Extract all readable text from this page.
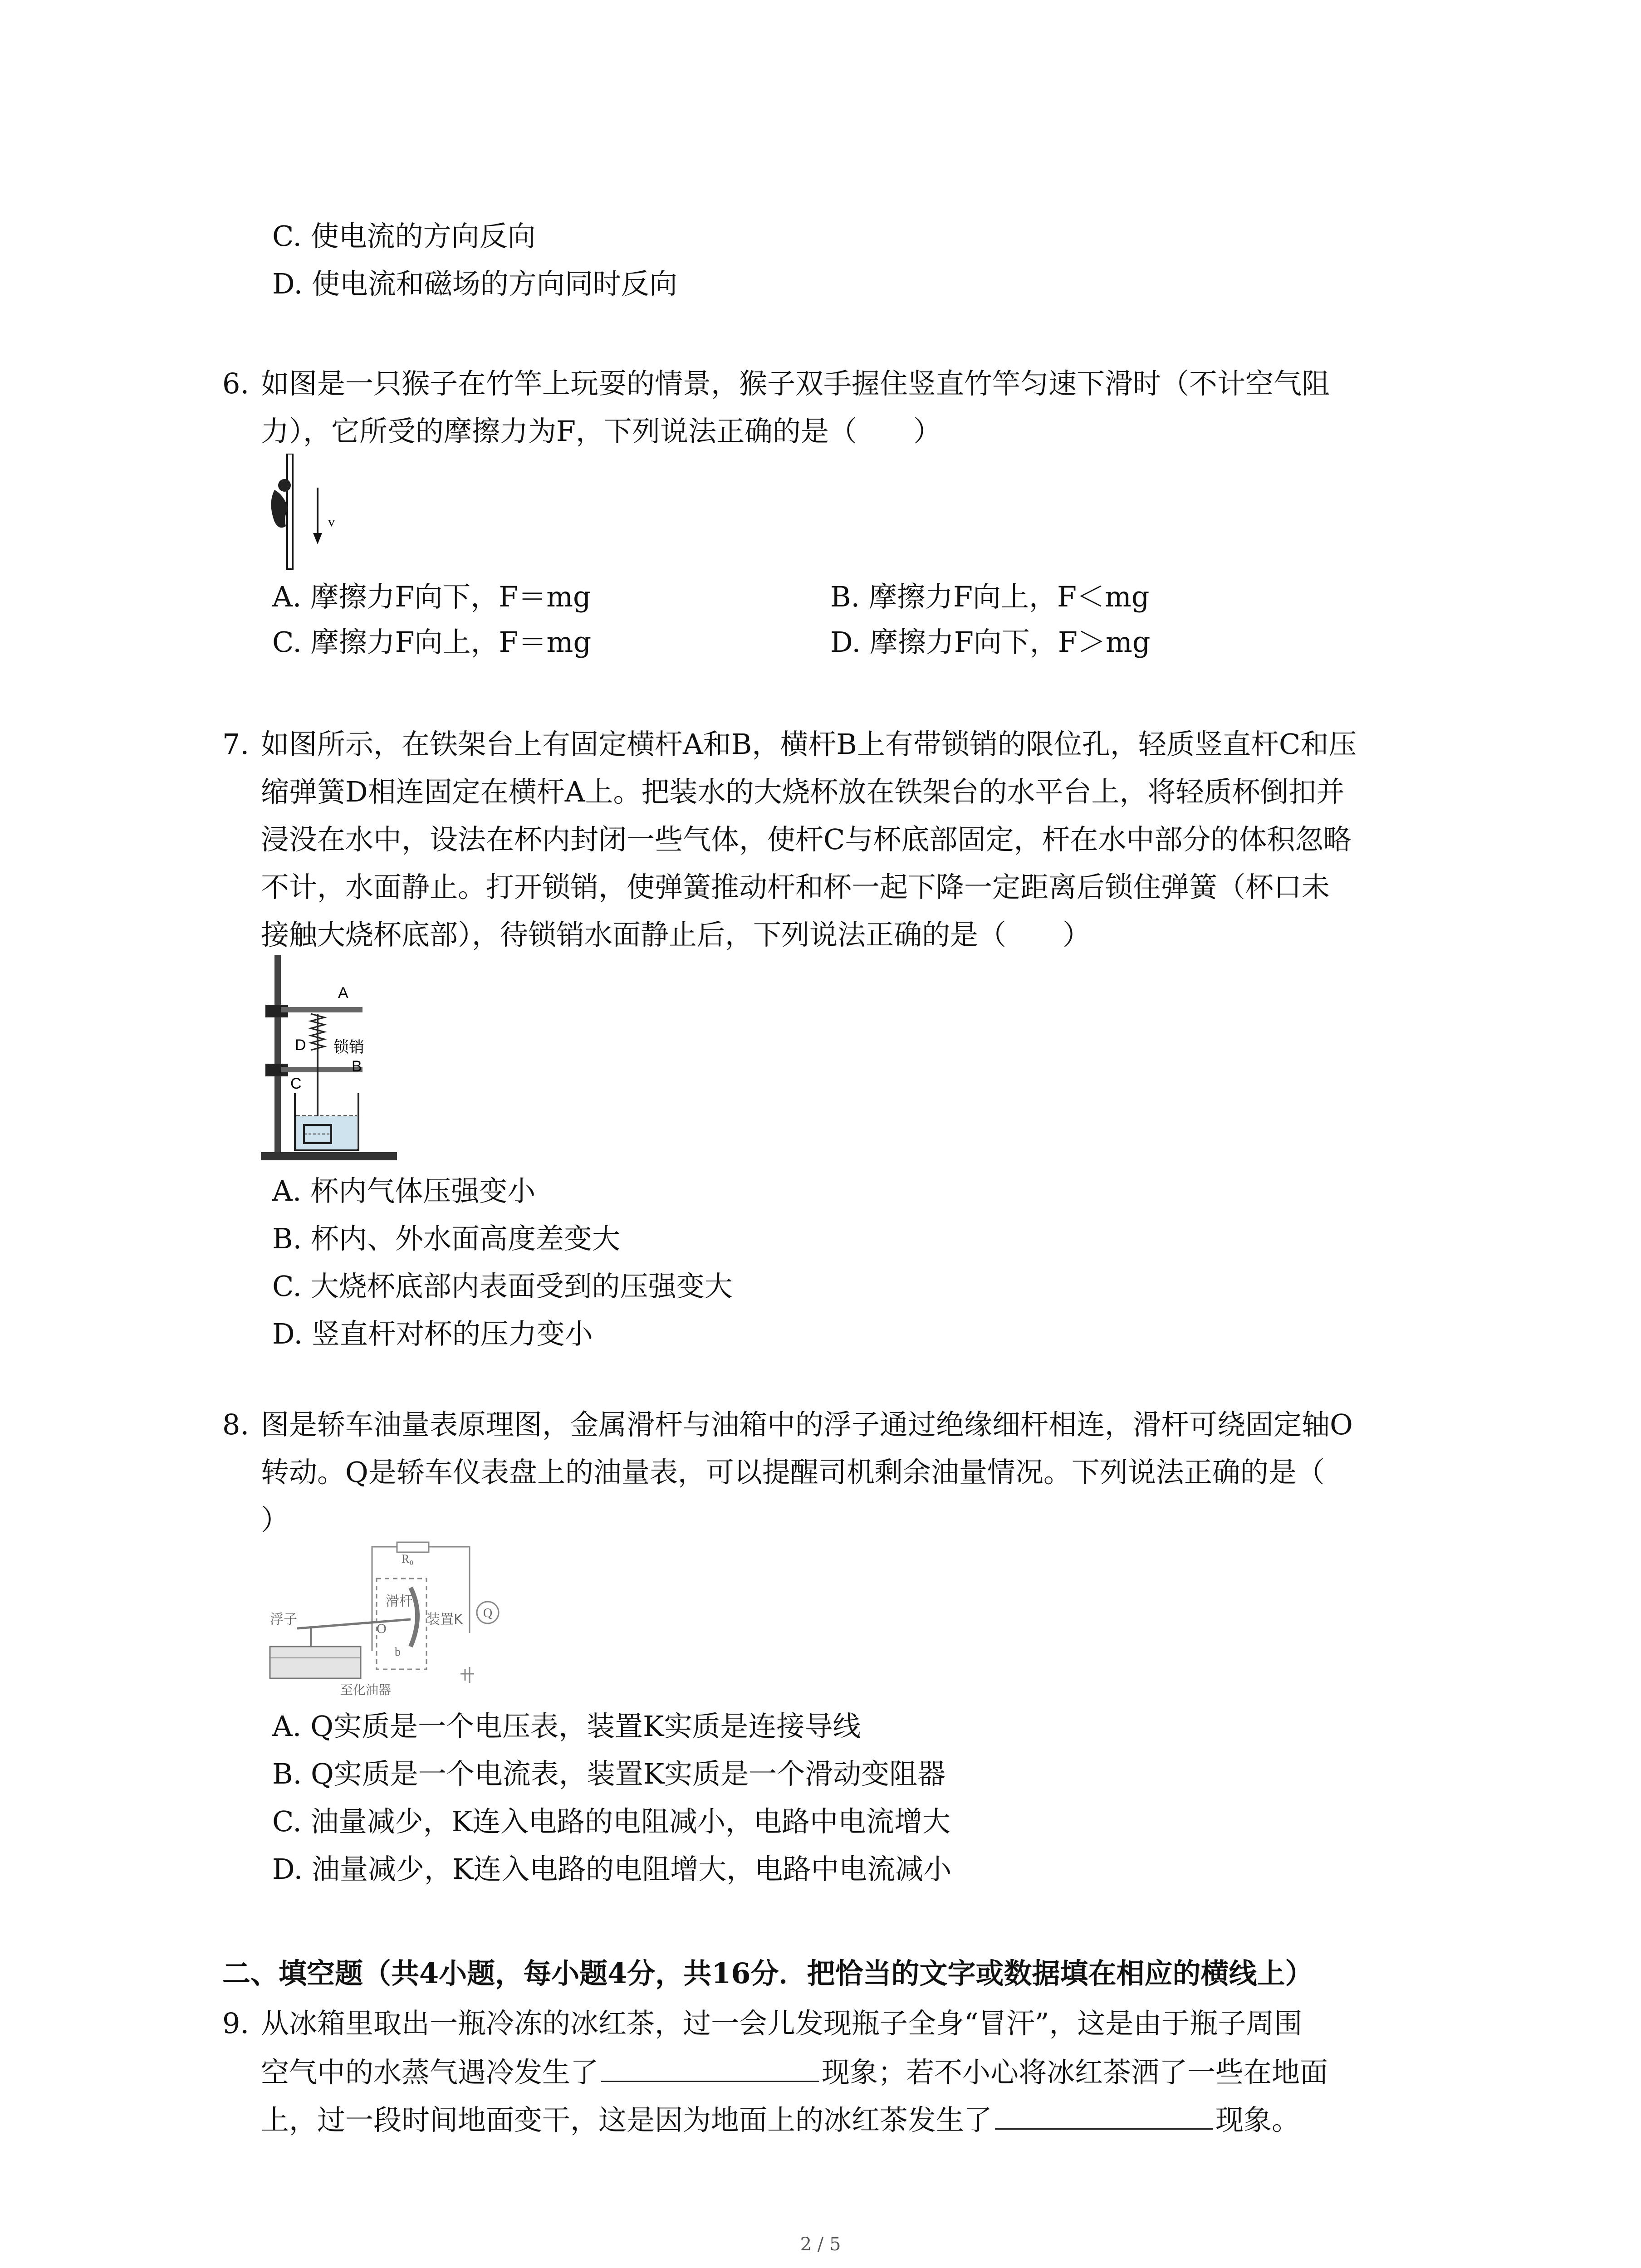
C. 使电流的方向反向
D. 使电流和磁场的方向同时反向
6. 如图是一只猴子在竹竿上玩耍的情景，猴子双手握住竖直竹竿匀速下滑时（不计空气阻
力），它所受的摩擦力为F，下列说法正确的是（　　）
v
A. 摩擦力F向下，F＝mg	B. 摩擦力F向上，F＜mg
C. 摩擦力F向上，F＝mg	D. 摩擦力F向下，F＞mg
7. 如图所示，在铁架台上有固定横杆A和B，横杆B上有带锁销的限位孔，轻质竖直杆C和压
缩弹簧D相连固定在横杆A上。把装水的大烧杯放在铁架台的水平台上，将轻质杯倒扣并
浸没在水中，设法在杯内封闭一些气体，使杆C与杯底部固定，杆在水中部分的体积忽略
不计，水面静止。打开锁销，使弹簧推动杆和杯一起下降一定距离后锁住弹簧（杯口未
接触大烧杯底部），待锁销水面静止后，下列说法正确的是（　　）
A
B
D
C
锁销
A. 杯内气体压强变小
B. 杯内、外水面高度差变大
C. 大烧杯底部内表面受到的压强变大
D. 竖直杆对杯的压力变小
8. 图是轿车油量表原理图，金属滑杆与油箱中的浮子通过绝缘细杆相连，滑杆可绕固定轴O
转动。Q是轿车仪表盘上的油量表，可以提醒司机剩余油量情况。下列说法正确的是（
）
R₀
Q
浮子
滑杆
O
装置K
b
至化油器
A. Q实质是一个电压表，装置K实质是连接导线
B. Q实质是一个电流表，装置K实质是一个滑动变阻器
C. 油量减少，K连入电路的电阻减小，电路中电流增大
D. 油量减少，K连入电路的电阻增大，电路中电流减小
二、填空题（共4小题，每小题4分，共16分．把恰当的文字或数据填在相应的横线上）
9. 从冰箱里取出一瓶冷冻的冰红茶，过一会儿发现瓶子全身“冒汗”，这是由于瓶子周围
空气中的水蒸气遇冷发生了	现象；若不小心将冰红茶洒了一些在地面
上，过一段时间地面变干，这是因为地面上的冰红茶发生了	现象。
2 / 5
